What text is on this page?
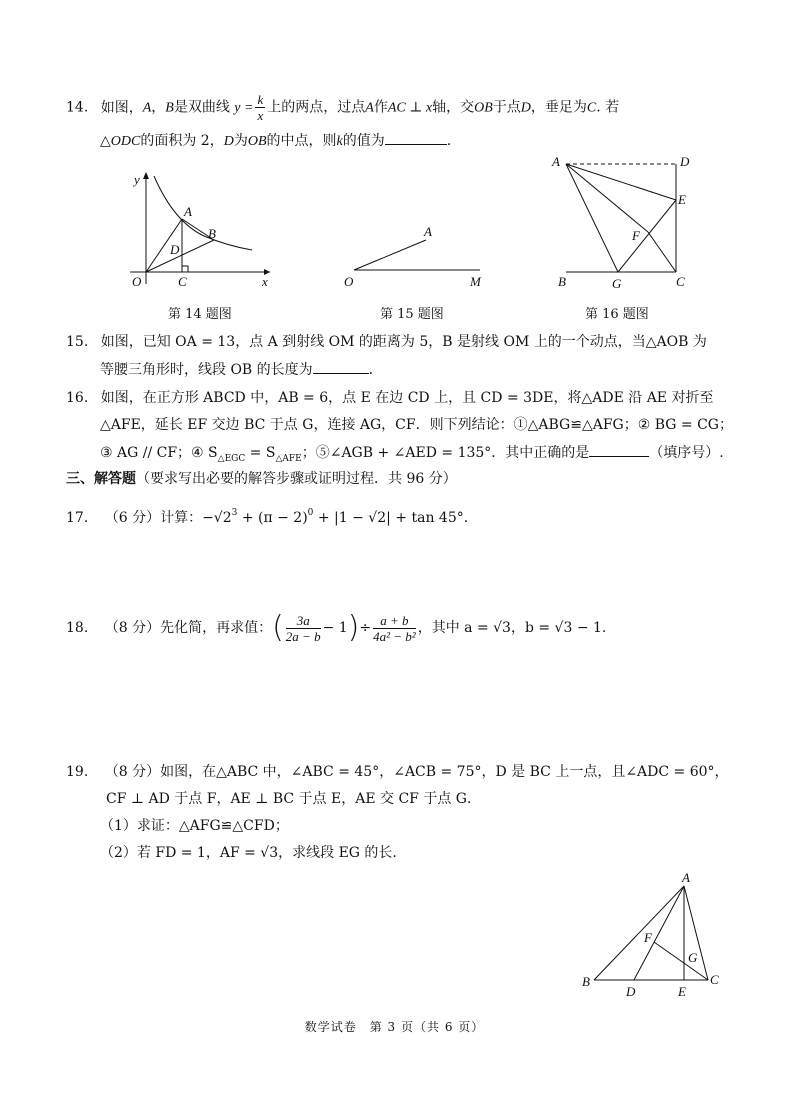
14. 如图，A，B是双曲线 $y = \frac{k}{x}$ 上的两点，过点A作AC ⊥ x轴，交OB于点D，垂足为C. 若
△ODC的面积为 2，D为OB的中点，则k的值为	.
y
x
O
A
B
C
D
第 14 题图
O
A
M
第 15 题图
A	D
E
F
B	G	C
第 16 题图
15. 如图，已知 OA = 13，点 A 到射线 OM 的距离为 5，B 是射线 OM 上的一个动点，当△AOB 为
等腰三角形时，线段 OB 的长度为	.
16. 如图，在正方形 ABCD 中，AB = 6，点 E 在边 CD 上，且 CD = 3DE，将△ADE 沿 AE 对折至
△AFE，延长 EF 交边 BC 于点 G，连接 AG，CF．则下列结论：①△ABG≌△AFG；② BG = CG；
③ AG // CF；④ $S_{\triangle EGC} = S_{\triangle AFE}$；⑤∠AGB + ∠AED = 135°．其中正确的是	（填序号）.
三、解答题（要求写出必要的解答步骤或证明过程．共 96 分）
17. （6 分）计算：$-√2^3 + (\pi - 2)^0 + |1 - √2| + \tan 45^\circ$.
18. （8 分）先化简，再求值：( $\frac{3a}{2a - b} - 1)\div \frac{a + b}{\text{4a² − b²}}$ ，其中 a = √3，b = √3 − 1.
19. （8 分）如图，在△ABC 中，∠ABC = 45°，∠ACB = 75°，D 是 BC 上一点，且∠ADC = 60°，
CF ⊥ AD 于点 F，AE ⊥ BC 于点 E，AE 交 CF 于点 G．
（1）求证：△AFG≌△CFD；
（2）若 FD = 1，AF = √3，求线段 EG 的长.
A
B	C
D	E
F
G
数学试卷　第 3 页（共 6 页）
